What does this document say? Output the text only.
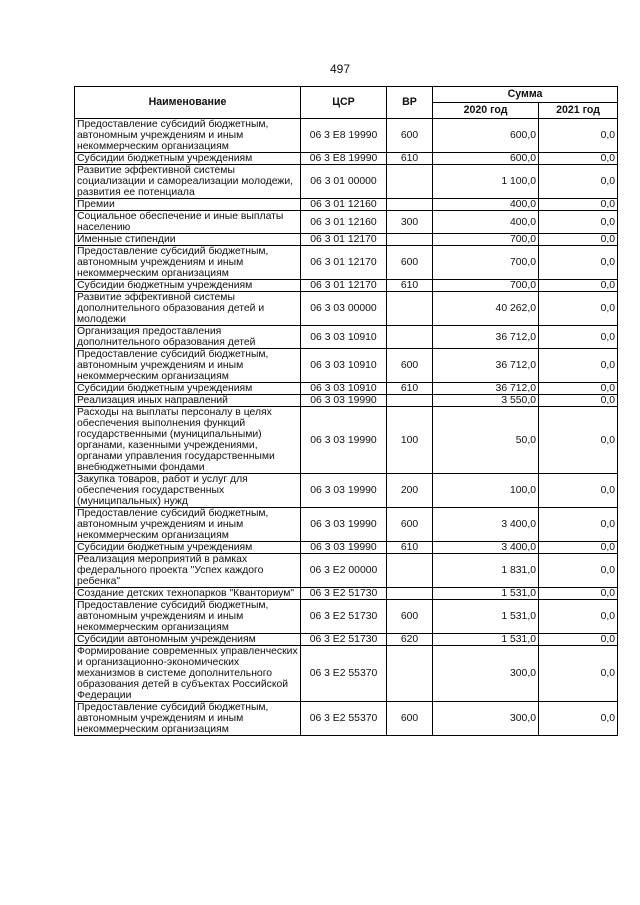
497
Наименование	ЦСР	ВР	Сумма	
			2020 год	2021 год
Предоставление субсидий бюджетным, автономным учреждениям и иным некоммерческим организациям	06 3 E8 19990	600	600,0	0,0
Субсидии бюджетным учреждениям	06 3 E8 19990	610	600,0	0,0
Развитие эффективной системы социализации и самореализации молодежи, развития ее потенциала	06 3 01 00000		1 100,0	0,0
Премии	06 3 01 12160		400,0	0,0
Социальное обеспечение и иные выплаты населению	06 3 01 12160	300	400,0	0,0
Именные стипендии	06 3 01 12170		700,0	0,0
Предоставление субсидий бюджетным, автономным учреждениям и иным некоммерческим организациям	06 3 01 12170	600	700,0	0,0
Субсидии бюджетным учреждениям	06 3 01 12170	610	700,0	0,0
Развитие эффективной системы дополнительного образования детей и молодежи	06 3 03 00000		40 262,0	0,0
Организация предоставления дополнительного образования детей	06 3 03 10910		36 712,0	0,0
Предоставление субсидий бюджетным, автономным учреждениям и иным некоммерческим организациям	06 3 03 10910	600	36 712,0	0,0
Субсидии бюджетным учреждениям	06 3 03 10910	610	36 712,0	0,0
Реализация иных направлений	06 3 03 19990		3 550,0	0,0
Расходы на выплаты персоналу в целях обеспечения выполнения функций государственными (муниципальными) органами, казенными учреждениями, органами управления государственными внебюджетными фондами	06 3 03 19990	100	50,0	0,0
Закупка товаров, работ и услуг для обеспечения государственных (муниципальных) нужд	06 3 03 19990	200	100,0	0,0
Предоставление субсидий бюджетным, автономным учреждениям и иным некоммерческим организациям	06 3 03 19990	600	3 400,0	0,0
Субсидии бюджетным учреждениям	06 3 03 19990	610	3 400,0	0,0
Реализация мероприятий в рамках федерального проекта "Успех каждого ребенка"	06 3 E2 00000		1 831,0	0,0
Создание детских технопарков "Кванториум"	06 3 E2 51730		1 531,0	0,0
Предоставление субсидий бюджетным, автономным учреждениям и иным некоммерческим организациям	06 3 E2 51730	600	1 531,0	0,0
Субсидии автономным учреждениям	06 3 E2 51730	620	1 531,0	0,0
Формирование современных управленческих и организационно-экономических механизмов в системе дополнительного образования детей в субъектах Российской Федерации	06 3 E2 55370		300,0	0,0
Предоставление субсидий бюджетным, автономным учреждениям и иным некоммерческим организациям	06 3 E2 55370	600	300,0	0,0
